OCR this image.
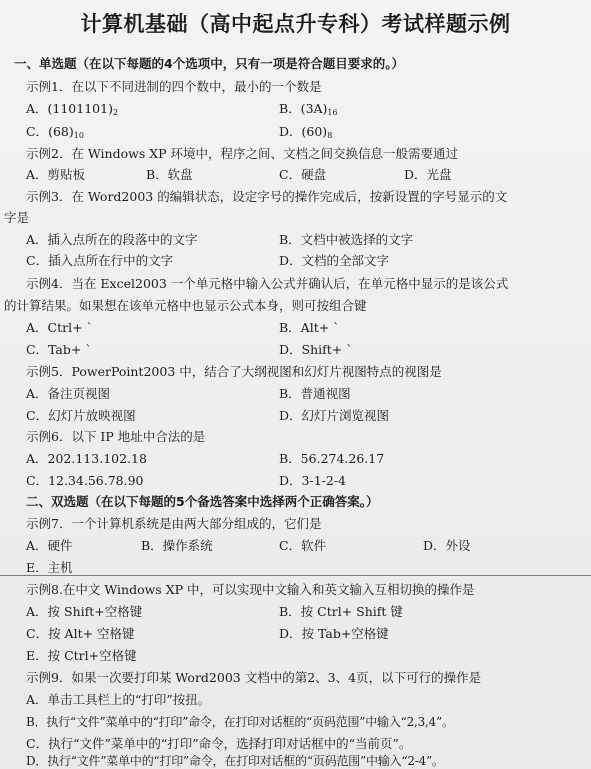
计算机基础（高中起点升专科）考试样题示例
一、单选题（在以下每题的4个选项中，只有一项是符合题目要求的。）
示例1．在以下不同进制的四个数中，最小的一个数是
A．$(1101101)_2$	B．$(3A)_{16}$
C．$(68)_{10}$	D．$(60)_8$
示例2．在 Windows XP 环境中，程序之间、文档之间交换信息一般需要通过
A．剪贴板	B．软盘	C．硬盘	D．光盘
示例3．在 Word2003 的编辑状态，设定字号的操作完成后，按新设置的字号显示的文
字是
A．插入点所在的段落中的文字	B．文档中被选择的文字
C．插入点所在行中的文字	D．文档的全部文字
示例4．当在 Excel2003 一个单元格中输入公式并确认后，在单元格中显示的是该公式
的计算结果。如果想在该单元格中也显示公式本身，则可按组合键
A．Ctrl+ `	B．Alt+ `
C．Tab+ `	D．Shift+ `
示例5．PowerPoint2003 中，结合了大纲视图和幻灯片视图特点的视图是
A．备注页视图	B．普通视图
C．幻灯片放映视图	D．幻灯片浏览视图
示例6．以下 IP 地址中合法的是
A．202.113.102.18	B．56.274.26.17
C．12.34.56.78.90	D．3-1-2-4
二、双选题（在以下每题的5个备选答案中选择两个正确答案。）
示例7．一个计算机系统是由两大部分组成的，它们是
A．硬件	B．操作系统	C．软件	D．外设
E．主机
示例8.在中文 Windows XP 中，可以实现中文输入和英文输入互相切换的操作是
A．按 Shift+空格键	B．按 Ctrl+ Shift 键
C．按 Alt+ 空格键	D．按 Tab+空格键
E．按 Ctrl+空格键
示例9．如果一次要打印某 Word2003 文档中的第2、3、4页，以下可行的操作是
A．单击工具栏上的“打印”按扭。
B．执行“文件”菜单中的“打印”命令，在打印对话框的“页码范围”中输入“2,3,4”。
C．执行“文件”菜单中的“打印”命令，选择打印对话框中的“当前页”。
D．执行“文件”菜单中的“打印”命令，在打印对话框的“页码范围”中输入“2-4”。
